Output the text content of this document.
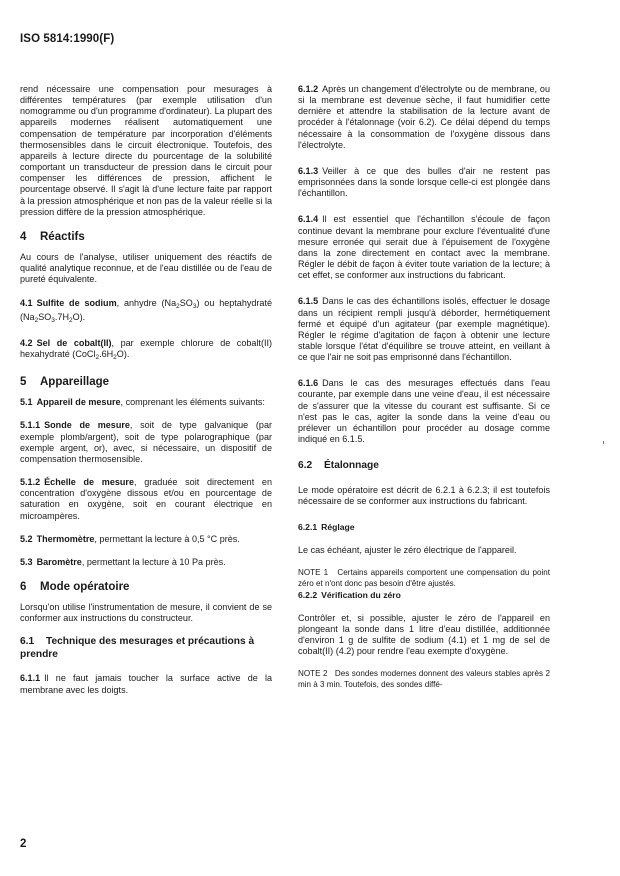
ISO 5814:1990(F)

rend nécessaire une compensation pour mesurages à différentes températures (par exemple utilisation d'un nomogramme ou d'un programme d'ordinateur). La plupart des appareils modernes réalisent automatiquement une compensation de température par incorporation d'éléments thermosensibles dans le circuit électronique. Toutefois, des appareils à lecture directe du pourcentage de la solubilité comportant un transducteur de pression dans le circuit pour compenser les différences de pression, affichent le pourcentage observé. Il s'agit là d'une lecture faite par rapport à la pression atmosphérique et non pas de la valeur réelle si la pression diffère de la pression atmosphérique.

4 Réactifs

Au cours de l'analyse, utiliser uniquement des réactifs de qualité analytique reconnue, et de l'eau distillée ou de l'eau de pureté équivalente.

4.1 Sulfite de sodium, anhydre $(Na_2SO_3)$ ou heptahydraté $(Na_2SO_3.7H_2O)$.

4.2 Sel de cobalt(II), par exemple chlorure de cobalt(II) hexahydraté $(CoCl_2.6H_2O)$.

5 Appareillage

5.1 Appareil de mesure, comprenant les éléments suivants:

5.1.1 Sonde de mesure, soit de type galvanique (par exemple plomb/argent), soit de type polarographique (par exemple argent, or), avec, si nécessaire, un dispositif de compensation thermosensible.

5.1.2 Échelle de mesure, graduée soit directement en concentration d'oxygène dissous et/ou en pourcentage de saturation en oxygène, soit en courant électrique en microampères.

5.2 Thermomètre, permettant la lecture à 0,5 °C près.

5.3 Baromètre, permettant la lecture à 10 Pa près.

6 Mode opératoire

Lorsqu'on utilise l'instrumentation de mesure, il convient de se conformer aux instructions du constructeur.

6.1 Technique des mesurages et précautions à prendre

6.1.1 Il ne faut jamais toucher la surface active de la membrane avec les doigts.

6.1.2 Après un changement d'électrolyte ou de membrane, ou si la membrane est devenue sèche, il faut humidifier cette dernière et attendre la stabilisation de la lecture avant de procéder à l'étalonnage (voir 6.2). Ce délai dépend du temps nécessaire à la consommation de l'oxygène dissous dans l'électrolyte.

6.1.3 Veiller à ce que des bulles d'air ne restent pas emprisonnées dans la sonde lorsque celle-ci est plongée dans l'échantillon.

6.1.4 Il est essentiel que l'échantillon s'écoule de façon continue devant la membrane pour exclure l'éventualité d'une mesure erronée qui serait due à l'épuisement de l'oxygène dans la zone directement en contact avec la membrane. Régler le débit de façon à éviter toute variation de la lecture; à cet effet, se conformer aux instructions du fabricant.

6.1.5 Dans le cas des échantillons isolés, effectuer le dosage dans un récipient rempli jusqu'à déborder, hermétiquement fermé et équipé d'un agitateur (par exemple magnétique). Régler le régime d'agitation de façon à obtenir une lecture stable lorsque l'état d'équilibre se trouve atteint, en veillant à ce que l'air ne soit pas emprisonné dans l'échantillon.

6.1.6 Dans le cas des mesurages effectués dans l'eau courante, par exemple dans une veine d'eau, il est nécessaire de s'assurer que la vitesse du courant est suffisante. Si ce n'est pas le cas, agiter la sonde dans la veine d'eau ou prélever un échantillon pour procéder au dosage comme indiqué en 6.1.5.

6.2 Étalonnage

Le mode opératoire est décrit de 6.2.1 à 6.2.3; il est toutefois nécessaire de se conformer aux instructions du fabricant.

6.2.1 Réglage

Le cas échéant, ajuster le zéro électrique de l'appareil.

NOTE 1 Certains appareils comportent une compensation du point zéro et n'ont donc pas besoin d'être ajustés.

6.2.2 Vérification du zéro

Contrôler et, si possible, ajuster le zéro de l'appareil en plongeant la sonde dans 1 litre d'eau distillée, additionnée d'environ 1 g de sulfite de sodium (4.1) et 1 mg de sel de cobalt(II) (4.2) pour rendre l'eau exempte d'oxygène.

NOTE 2 Des sondes modernes donnent des valeurs stables après 2 min à 3 min. Toutefois, des sondes diffé-

2
